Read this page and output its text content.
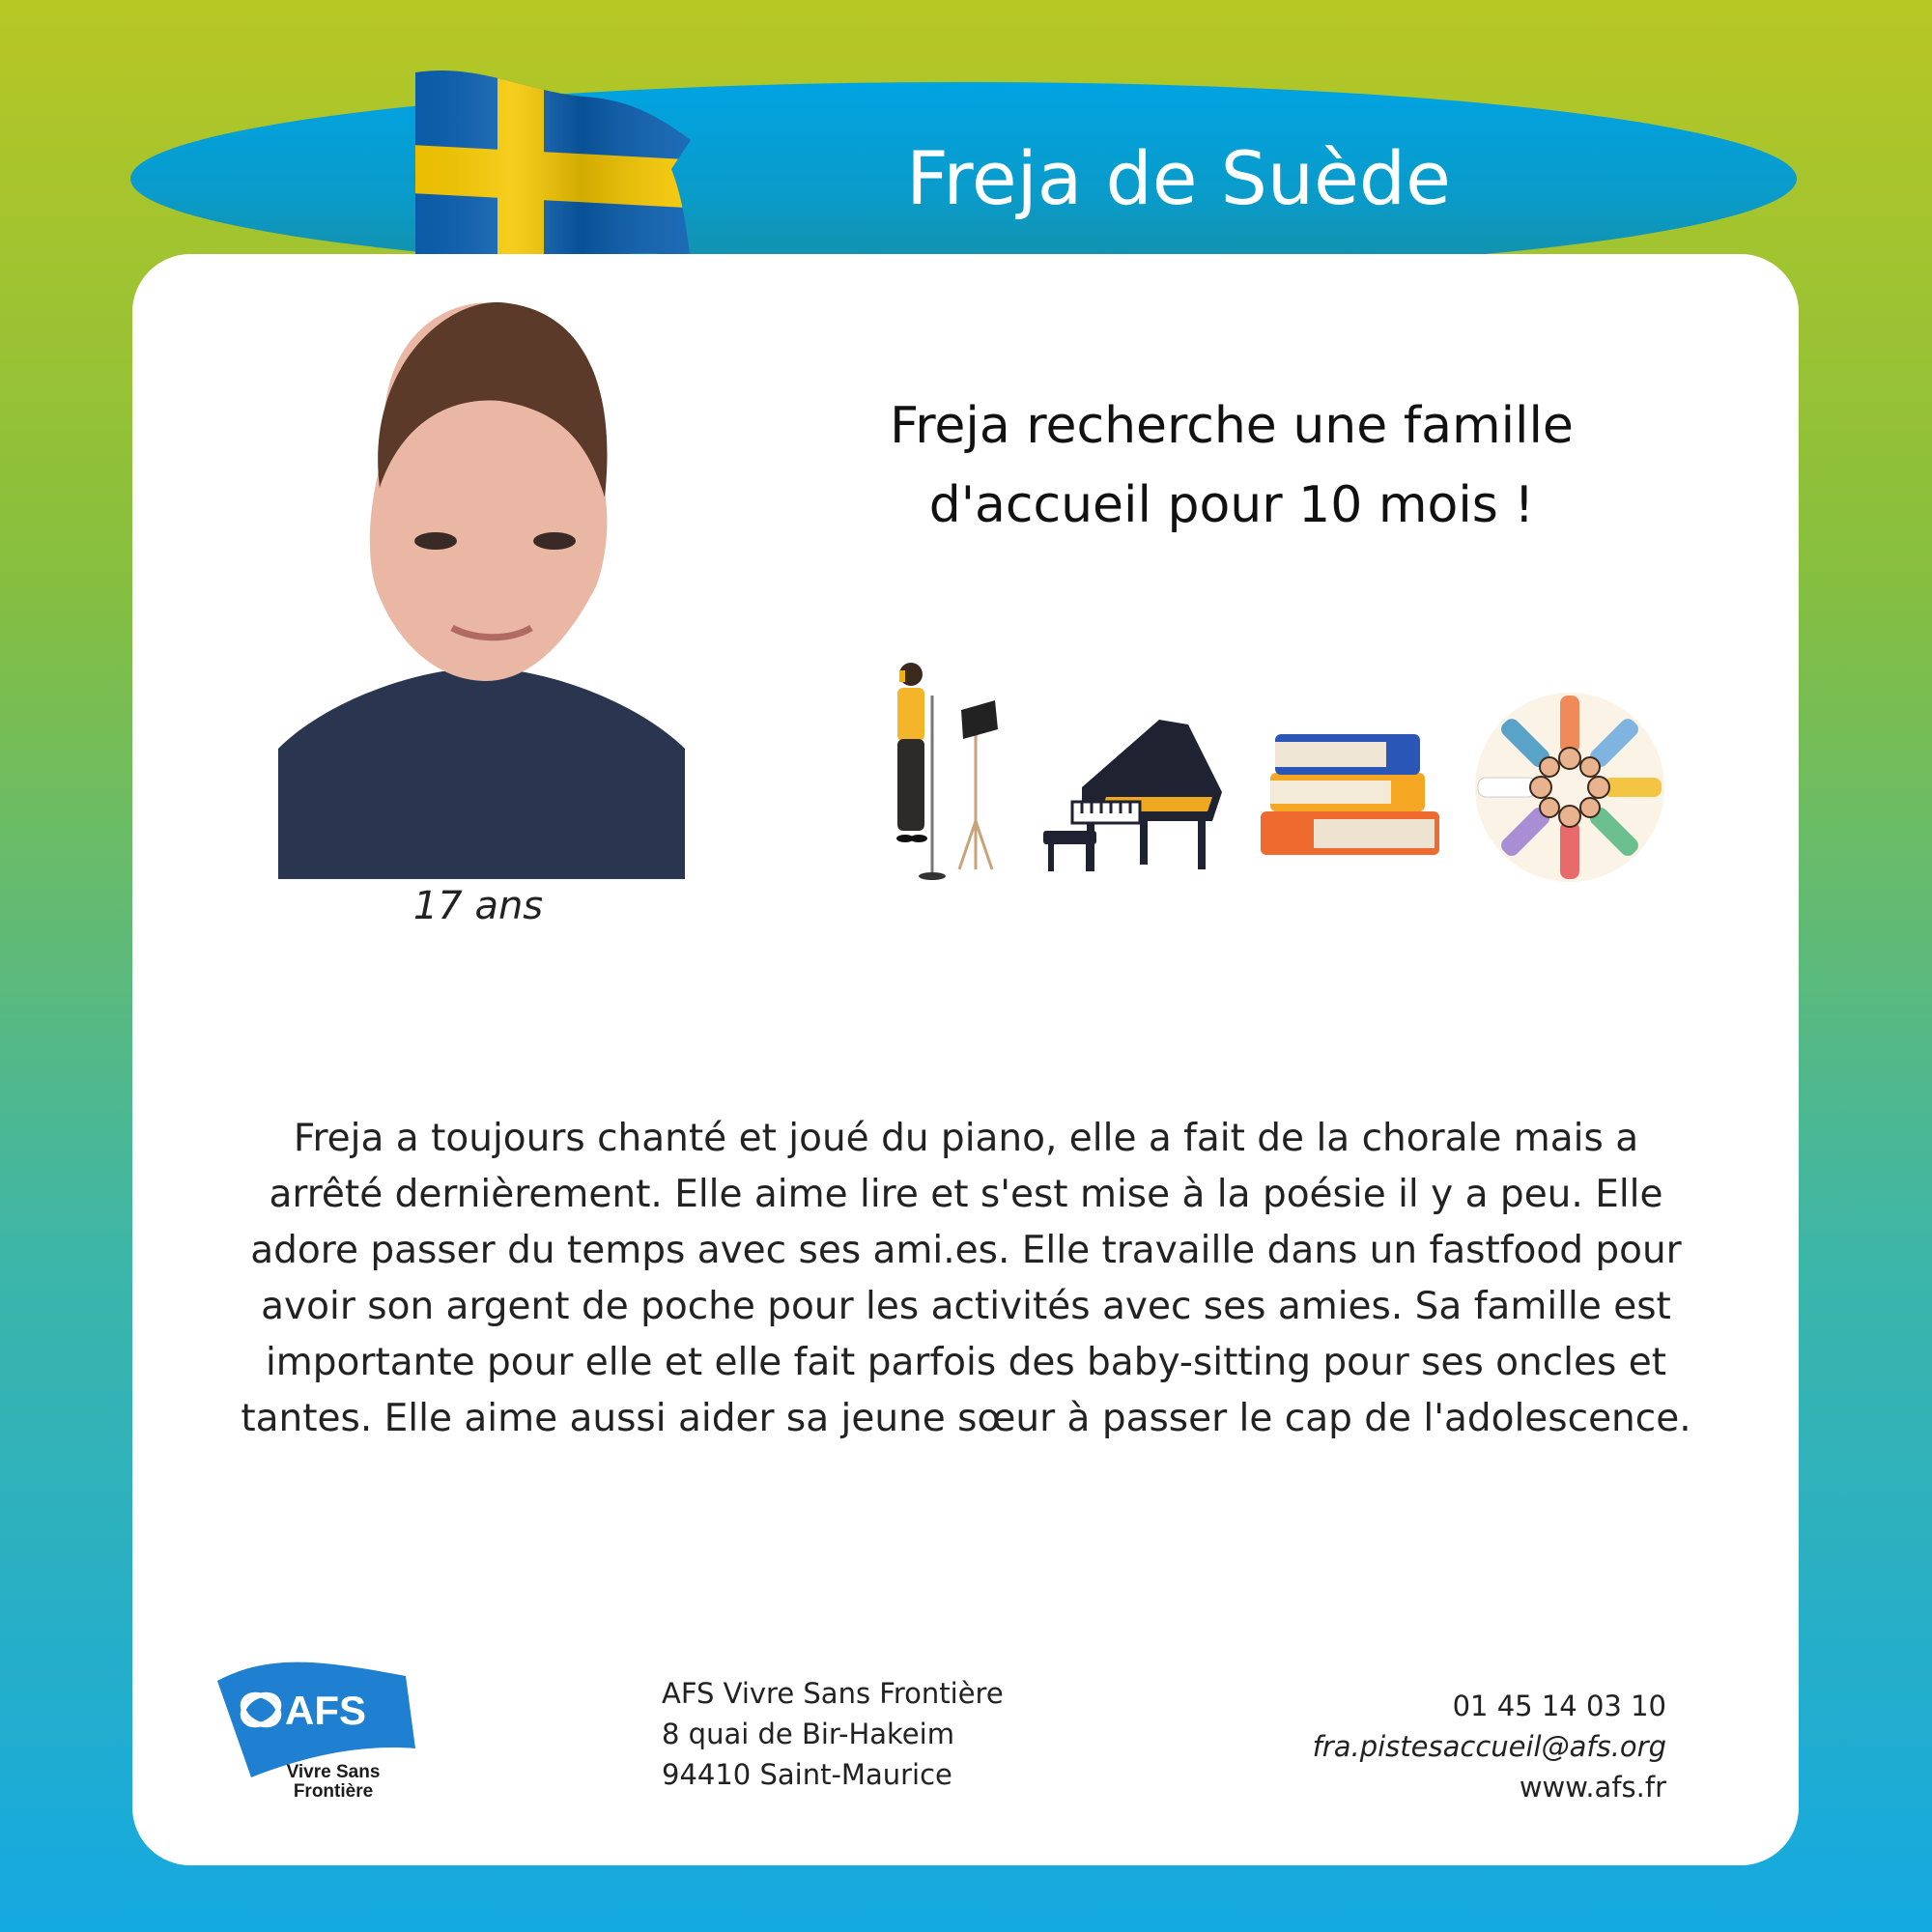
Freja de Suède
17 ans
Freja recherche une famille
d'accueil pour 10 mois !
Freja a toujours chanté et joué du piano, elle a fait de la chorale mais a
arrêté dernièrement. Elle aime lire et s'est mise à la poésie il y a peu. Elle
adore passer du temps avec ses ami.es. Elle travaille dans un fastfood pour
avoir son argent de poche pour les activités avec ses amies. Sa famille est
importante pour elle et elle fait parfois des baby-sitting pour ses oncles et
tantes. Elle aime aussi aider sa jeune sœur à passer le cap de l'adolescence.
AFS
Vivre Sans
Frontière
AFS Vivre Sans Frontière
8 quai de Bir-Hakeim
94410 Saint-Maurice
01 45 14 03 10
fra.pistesaccueil@afs.org
www.afs.fr
